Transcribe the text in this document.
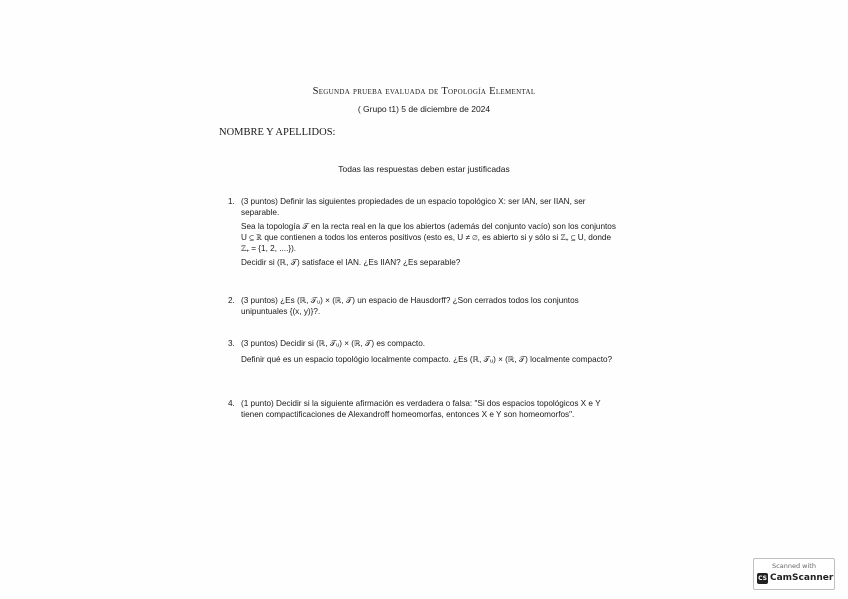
Segunda prueba evaluada de Topología Elemental
( Grupo t1) 5 de diciembre de 2024
NOMBRE Y APELLIDOS:
Todas las respuestas deben estar justificadas
1. (3 puntos) Definir las siguientes propiedades de un espacio topológico X: ser IAN, ser IIAN, ser separable.

Sea la topología 𝒯 en la recta real en la que los abiertos (además del conjunto vacío) son los conjuntos U ⊆ ℝ que contienen a todos los enteros positivos (esto es, U ≠ ∅, es abierto si y sólo si ℤ₊ ⊆ U, donde ℤ₊ = {1, 2, ....}).

Decidir si (ℝ, 𝒯) satisface el IAN. ¿Es IIAN? ¿Es separable?

2. (3 puntos) ¿Es (ℝ, 𝒯ᵤ) × (ℝ, 𝒯) un espacio de Hausdorff? ¿Son cerrados todos los conjuntos unipuntuales {(x, y)}?.

3. (3 puntos) Decidir si (ℝ, 𝒯ᵤ) × (ℝ, 𝒯) es compacto.

Definir qué es un espacio topológio localmente compacto. ¿Es (ℝ, 𝒯ᵤ) × (ℝ, 𝒯) localmente compacto?

4. (1 punto) Decidir si la siguiente afirmación es verdadera o falsa: "Si dos espacios topológicos X e Y tienen compactificaciones de Alexandroff homeomorfas, entonces X e Y son homeomorfos".

Scanned with
CS CamScanner
